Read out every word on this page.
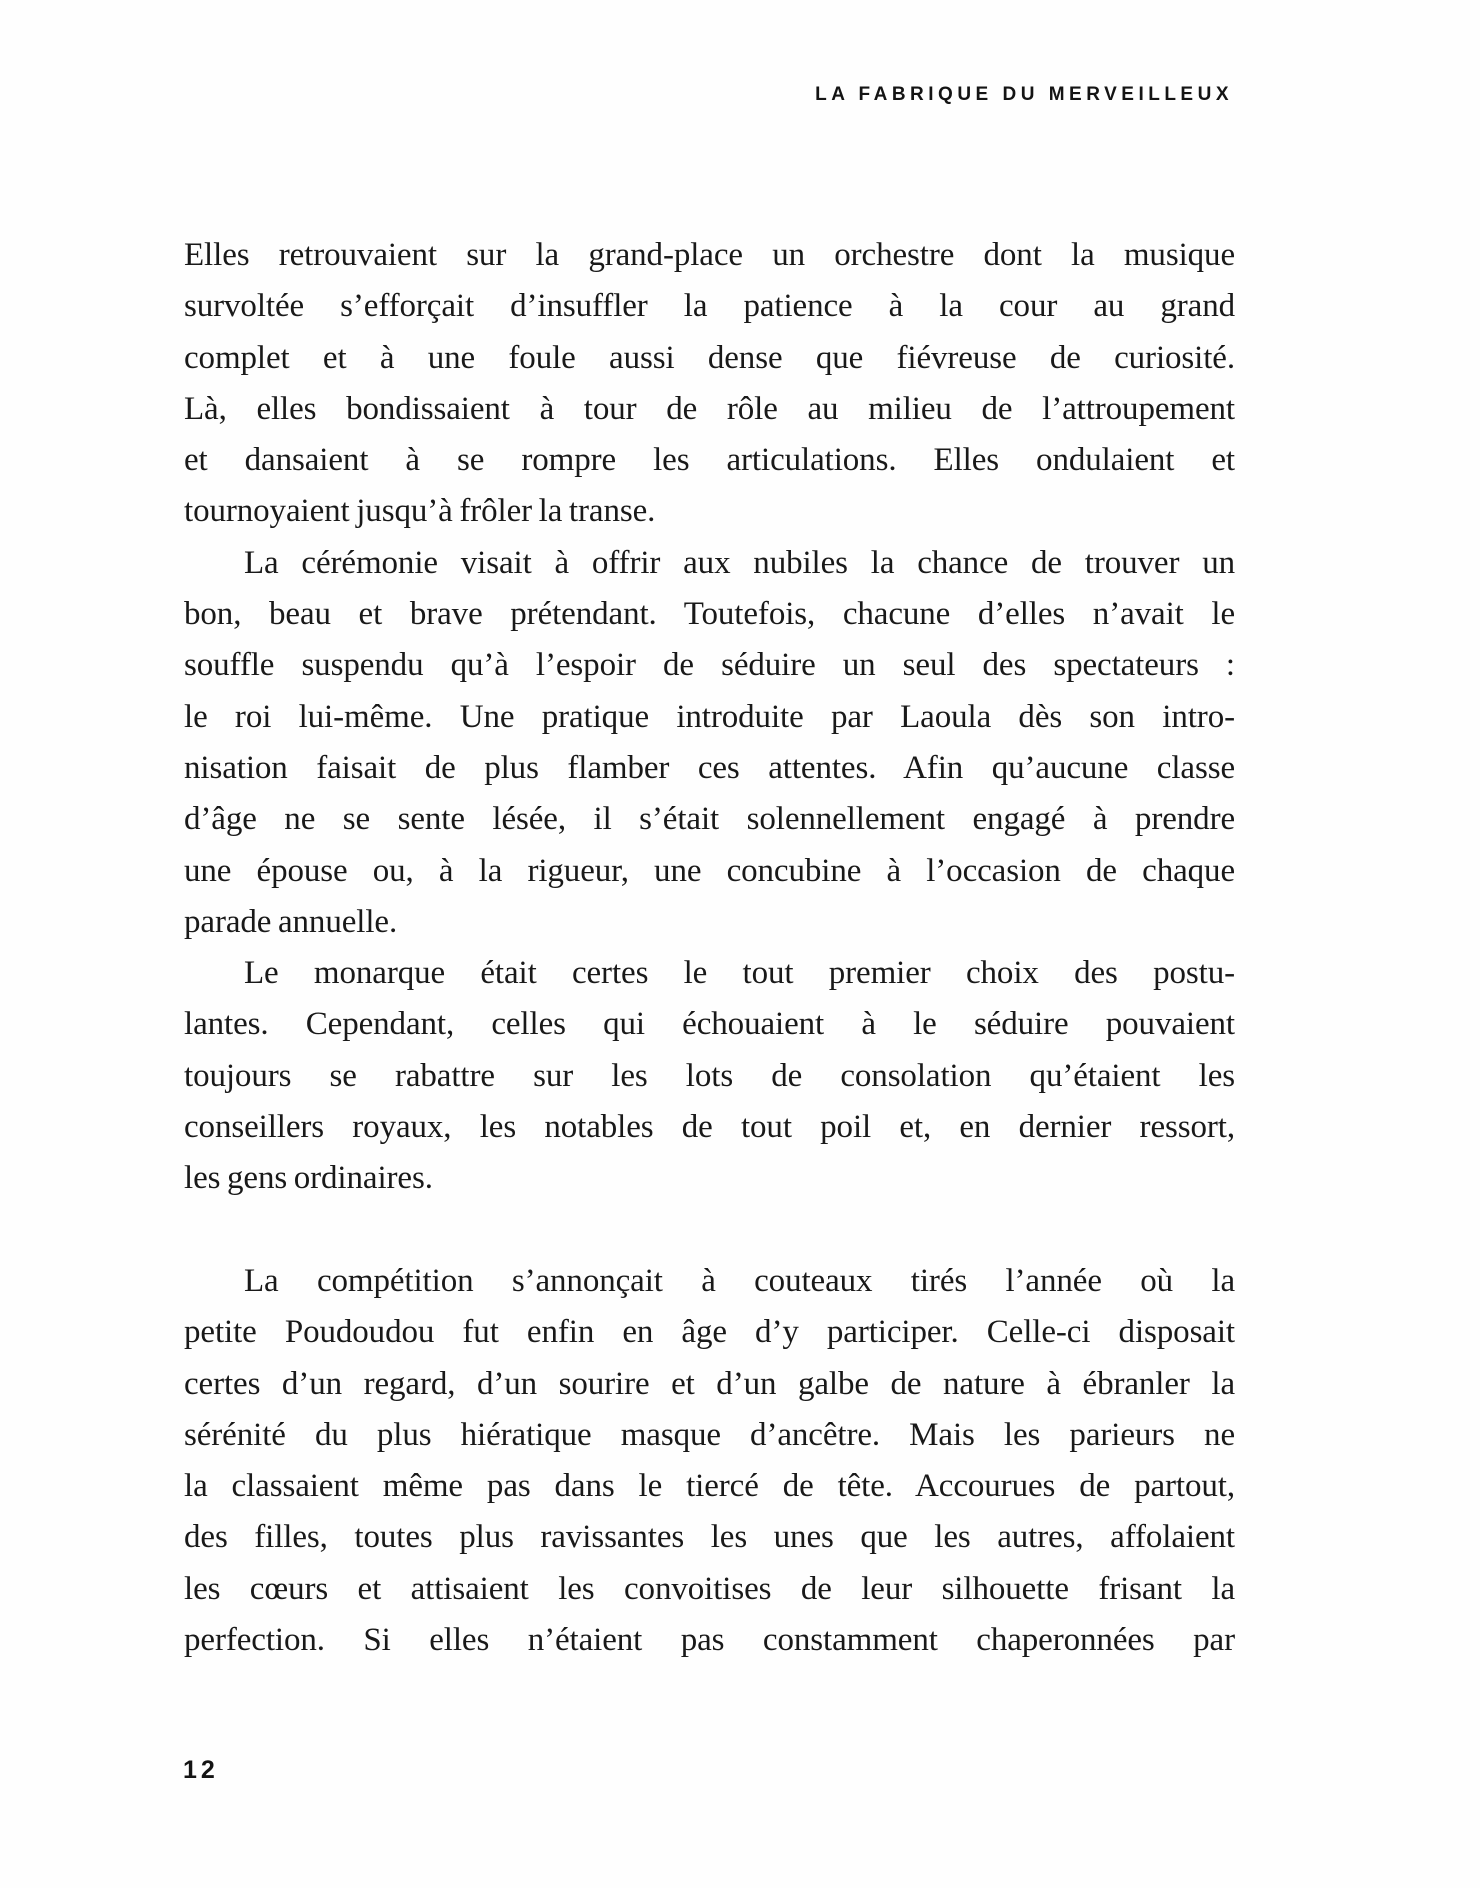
LA FABRIQUE DU MERVEILLEUX
Elles retrouvaient sur la grand-place un orchestre dont la musique
survoltée s’efforçait d’insuffler la patience à la cour au grand
complet et à une foule aussi dense que fiévreuse de curiosité.
Là, elles bondissaient à tour de rôle au milieu de l’attroupement
et dansaient à se rompre les articulations. Elles ondulaient et
tournoyaient jusqu’à frôler la transe.
La cérémonie visait à offrir aux nubiles la chance de trouver un
bon, beau et brave prétendant. Toutefois, chacune d’elles n’avait le
souffle suspendu qu’à l’espoir de séduire un seul des spectateurs :
le roi lui-même. Une pratique introduite par Laoula dès son intro-
nisation faisait de plus flamber ces attentes. Afin qu’aucune classe
d’âge ne se sente lésée, il s’était solennellement engagé à prendre
une épouse ou, à la rigueur, une concubine à l’occasion de chaque
parade annuelle.
Le monarque était certes le tout premier choix des postu-
lantes. Cependant, celles qui échouaient à le séduire pouvaient
toujours se rabattre sur les lots de consolation qu’étaient les
conseillers royaux, les notables de tout poil et, en dernier ressort,
les gens ordinaires.
La compétition s’annonçait à couteaux tirés l’année où la
petite Poudoudou fut enfin en âge d’y participer. Celle-ci disposait
certes d’un regard, d’un sourire et d’un galbe de nature à ébranler la
sérénité du plus hiératique masque d’ancêtre. Mais les parieurs ne
la classaient même pas dans le tiercé de tête. Accourues de partout,
des filles, toutes plus ravissantes les unes que les autres, affolaient
les cœurs et attisaient les convoitises de leur silhouette frisant la
perfection. Si elles n’étaient pas constamment chaperonnées par
12
